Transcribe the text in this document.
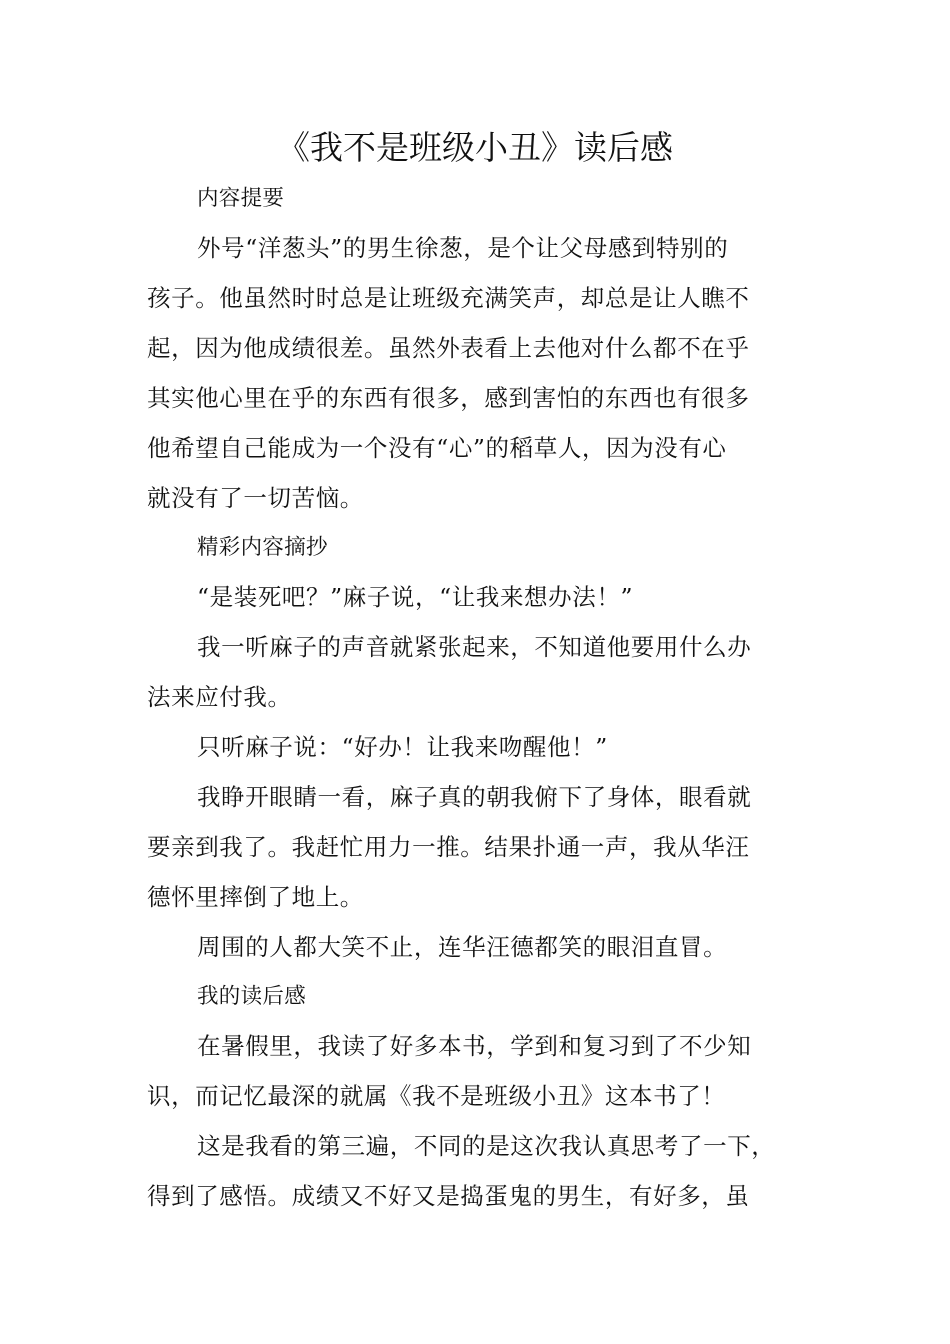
《我不是班级小丑》读后感

内容提要

外号“洋葱头”的男生徐葱，是个让父母感到特别的

孩子。他虽然时时总是让班级充满笑声，却总是让人瞧不

起，因为他成绩很差。虽然外表看上去他对什么都不在乎

其实他心里在乎的东西有很多，感到害怕的东西也有很多

他希望自己能成为一个没有“心”的稻草人，因为没有心

就没有了一切苦恼。

精彩内容摘抄

“是装死吧？”麻子说，“让我来想办法！”

我一听麻子的声音就紧张起来，不知道他要用什么办

法来应付我。

只听麻子说：“好办！让我来吻醒他！”

我睁开眼睛一看，麻子真的朝我俯下了身体，眼看就

要亲到我了。我赶忙用力一推。结果扑通一声，我从华汪

德怀里摔倒了地上。

周围的人都大笑不止，连华汪德都笑的眼泪直冒。

我的读后感

在暑假里，我读了好多本书，学到和复习到了不少知

识，而记忆最深的就属《我不是班级小丑》这本书了！

这是我看的第三遍，不同的是这次我认真思考了一下，

得到了感悟。成绩又不好又是捣蛋鬼的男生，有好多，虽
